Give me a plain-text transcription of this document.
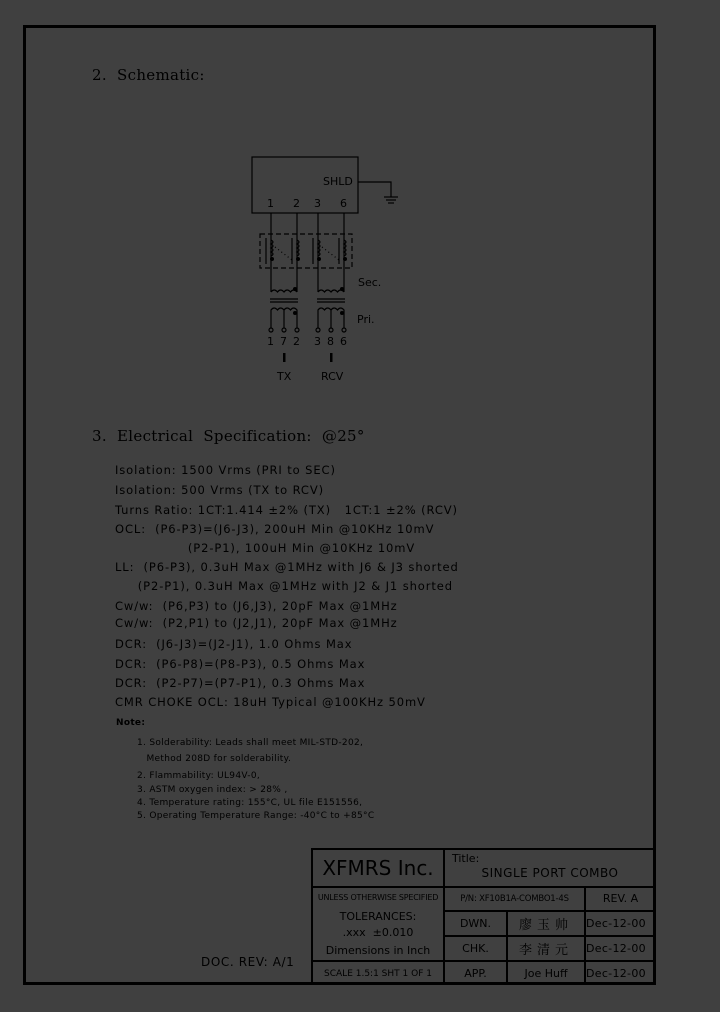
2.  Schematic:
SHLD
1 2 3 6
Sec.
Pri.
1 7 2 3 8 6
TX	RCV
3.  Electrical  Specification:  @25°
Isolation: 1500 Vrms (PRI to SEC)
Isolation: 500 Vrms (TX to RCV)
Turns Ratio: 1CT:1.414 ±2% (TX)   1CT:1 ±2% (RCV)
OCL:  (P6-P3)=(J6-J3), 200uH Min @10KHz 10mV
(P2-P1), 100uH Min @10KHz 10mV
LL:  (P6-P3), 0.3uH Max @1MHz with J6 & J3 shorted
(P2-P1), 0.3uH Max @1MHz with J2 & J1 shorted
Cw/w:  (P6,P3) to (J6,J3), 20pF Max @1MHz
Cw/w:  (P2,P1) to (J2,J1), 20pF Max @1MHz
DCR:  (J6-J3)=(J2-J1), 1.0 Ohms Max
DCR:  (P6-P8)=(P8-P3), 0.5 Ohms Max
DCR:  (P2-P7)=(P7-P1), 0.3 Ohms Max
CMR CHOKE OCL: 18uH Typical @100KHz 50mV
Note:
1. Solderability: Leads shall meet MIL-STD-202,
Method 208D for solderability.
2. Flammability: UL94V-0,
3. ASTM oxygen index: > 28% ,
4. Temperature rating: 155°C, UL file E151556,
5. Operating Temperature Range: -40°C to +85°C
DOC. REV: A/1
XFMRS Inc.	Title:
SINGLE PORT COMBO
UNLESS OTHERWISE SPECIFIED
TOLERANCES:
.xxx  ±0.010
Dimensions in Inch
SCALE 1.5:1 SHT 1 OF 1
P/N: XF10B1A-COMBO1-4S	REV. A
DWN.	廖玉帅	Dec-12-00
CHK.	李清元	Dec-12-00
APP.	Joe Huff	Dec-12-00
